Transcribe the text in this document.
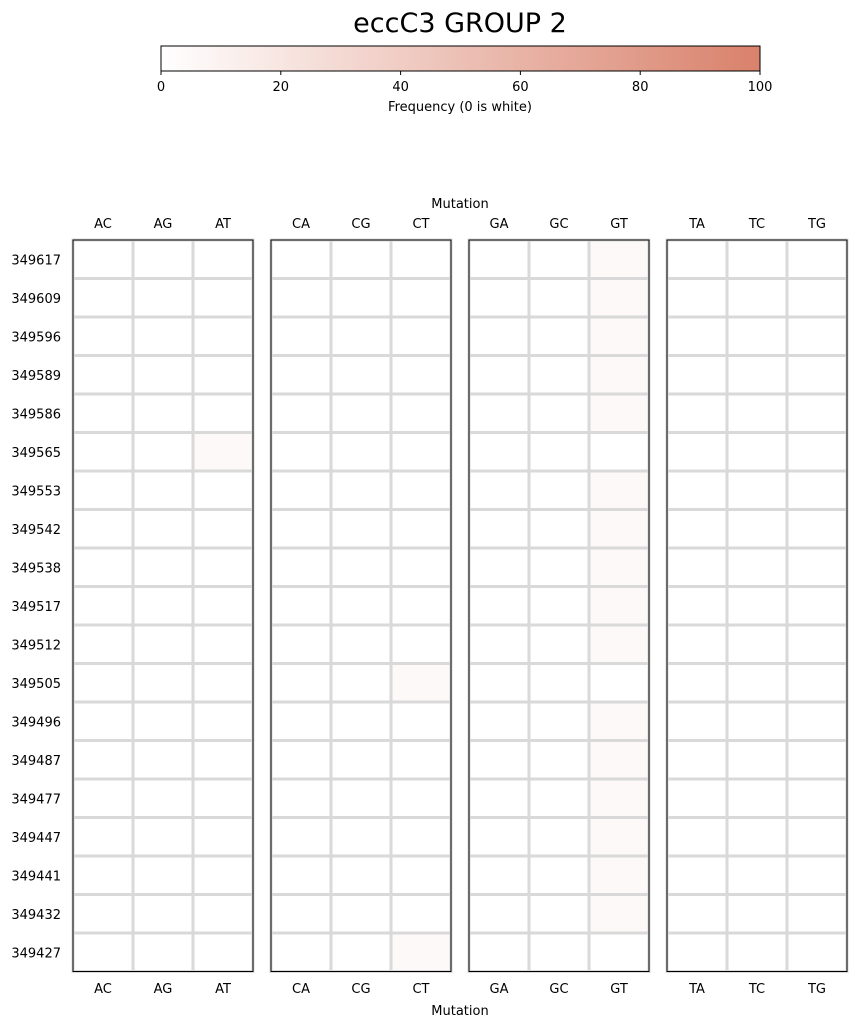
eccC3 GROUP 2
0	20	40	60	80	100
Frequency (0 is white)
Mutation
Mutation
AC
AC
AG
AG
AT
AT
CA
CA
CG
CG
CT
CT
GA
GA
GC
GC
GT
GT
TA
TA
TC
TC
TG
TG
349617
349609
349596
349589
349586
349565
349553
349542
349538
349517
349512
349505
349496
349487
349477
349447
349441
349432
349427
